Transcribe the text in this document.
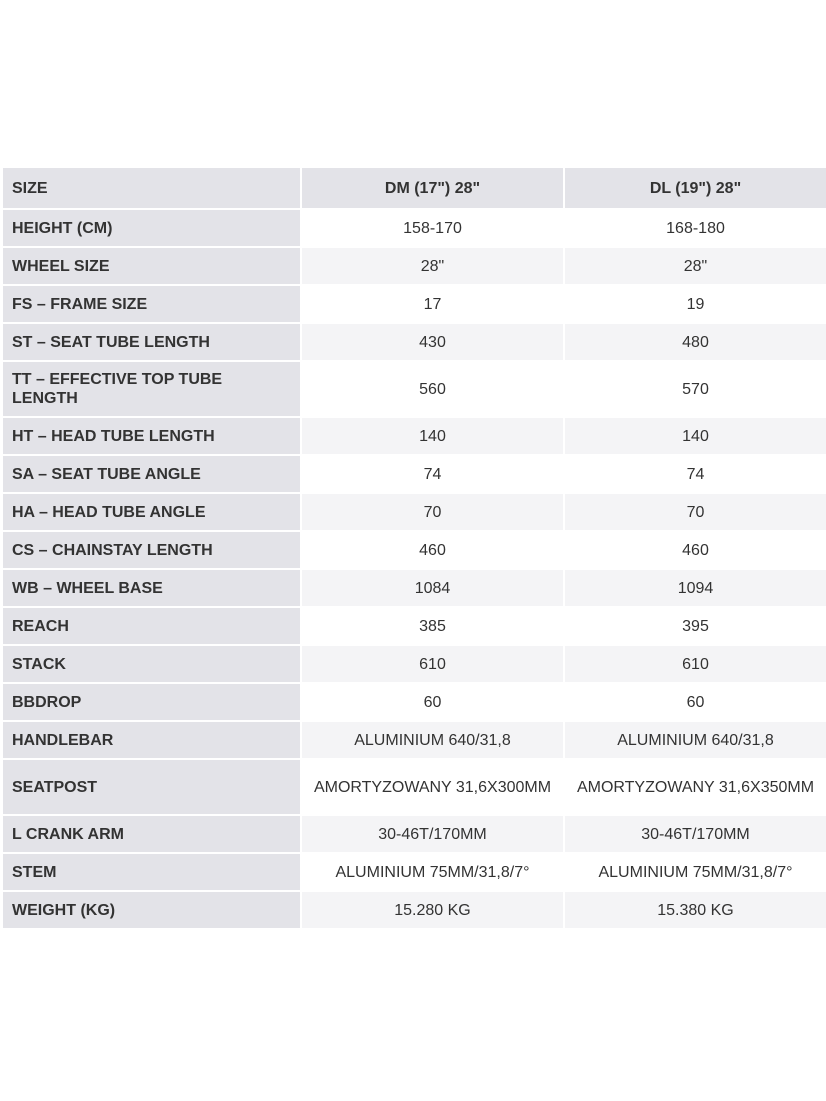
SIZE	DM (17") 28"	DL (19") 28"
HEIGHT (CM)	158-170	168-180
WHEEL SIZE	28"	28"
FS – FRAME SIZE	17	19
ST – SEAT TUBE LENGTH	430	480
TT – EFFECTIVE TOP TUBE LENGTH	560	570
HT – HEAD TUBE LENGTH	140	140
SA – SEAT TUBE ANGLE	74	74
HA – HEAD TUBE ANGLE	70	70
CS – CHAINSTAY LENGTH	460	460
WB – WHEEL BASE	1084	1094
REACH	385	395
STACK	610	610
BBDROP	60	60
HANDLEBAR	ALUMINIUM 640/31,8	ALUMINIUM 640/31,8
SEATPOST	AMORTYZOWANY 31,6X300MM	AMORTYZOWANY 31,6X350MM
L CRANK ARM	30-46T/170MM	30-46T/170MM
STEM	ALUMINIUM 75MM/31,8/7°	ALUMINIUM 75MM/31,8/7°
WEIGHT (KG)	15.280 KG	15.380 KG
